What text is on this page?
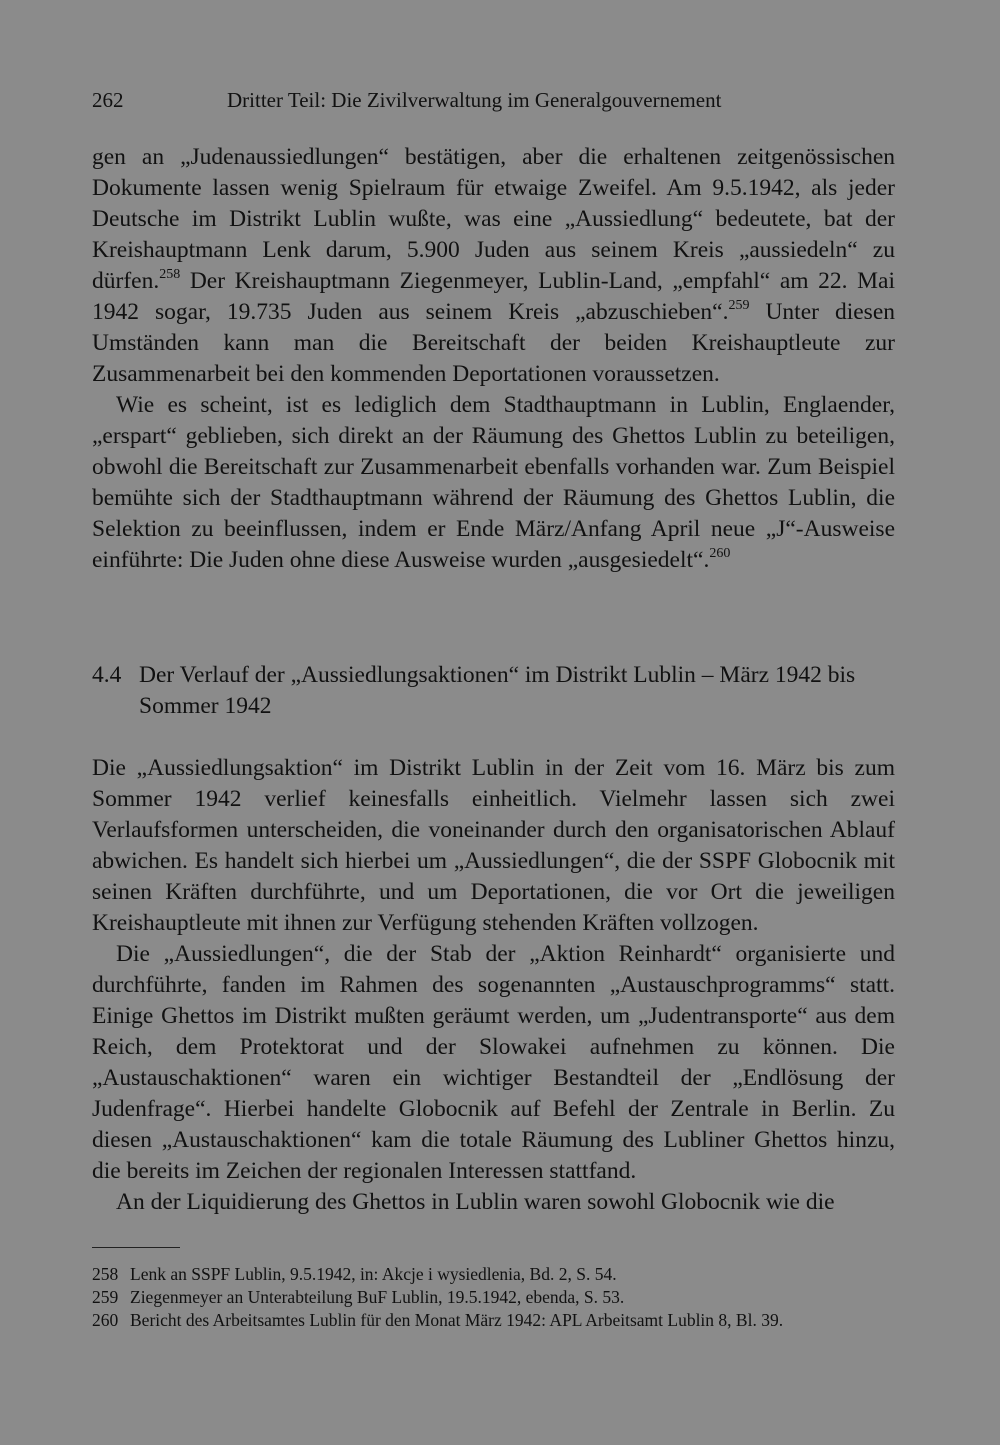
262	Dritter Teil: Die Zivilverwaltung im Generalgouvernement

gen an „Judenaussiedlungen“ bestätigen, aber die erhaltenen zeitgenössischen Dokumente lassen wenig Spielraum für etwaige Zweifel. Am 9.5.1942, als jeder Deutsche im Distrikt Lublin wußte, was eine „Aussiedlung“ bedeutete, bat der Kreishauptmann Lenk darum, 5.900 Juden aus seinem Kreis „aussiedeln“ zu dürfen.$^{258}$ Der Kreishauptmann Ziegenmeyer, Lublin-Land, „empfahl“ am 22. Mai 1942 sogar, 19.735 Juden aus seinem Kreis „abzuschieben“.$^{259}$ Unter diesen Umständen kann man die Bereitschaft der beiden Kreishauptleute zur Zusammenarbeit bei den kommenden Deportationen voraussetzen.

Wie es scheint, ist es lediglich dem Stadthauptmann in Lublin, Englaender, „erspart“ geblieben, sich direkt an der Räumung des Ghettos Lublin zu beteiligen, obwohl die Bereitschaft zur Zusammenarbeit ebenfalls vorhanden war. Zum Beispiel bemühte sich der Stadthauptmann während der Räumung des Ghettos Lublin, die Selektion zu beeinflussen, indem er Ende März/Anfang April neue „J“-Ausweise einführte: Die Juden ohne diese Ausweise wurden „ausgesiedelt“.$^{260}$

4.4 Der Verlauf der „Aussiedlungsaktionen“ im Distrikt Lublin – März 1942 bis Sommer 1942

Die „Aussiedlungsaktion“ im Distrikt Lublin in der Zeit vom 16. März bis zum Sommer 1942 verlief keinesfalls einheitlich. Vielmehr lassen sich zwei Verlaufsformen unterscheiden, die voneinander durch den organisatorischen Ablauf abwichen. Es handelt sich hierbei um „Aussiedlungen“, die der SSPF Globocnik mit seinen Kräften durchführte, und um Deportationen, die vor Ort die jeweiligen Kreishauptleute mit ihnen zur Verfügung stehenden Kräften vollzogen.

Die „Aussiedlungen“, die der Stab der „Aktion Reinhardt“ organisierte und durchführte, fanden im Rahmen des sogenannten „Austauschprogramms“ statt. Einige Ghettos im Distrikt mußten geräumt werden, um „Judentransporte“ aus dem Reich, dem Protektorat und der Slowakei aufnehmen zu können. Die „Austauschaktionen“ waren ein wichtiger Bestandteil der „Endlösung der Judenfrage“. Hierbei handelte Globocnik auf Befehl der Zentrale in Berlin. Zu diesen „Austauschaktionen“ kam die totale Räumung des Lubliner Ghettos hinzu, die bereits im Zeichen der regionalen Interessen stattfand.

An der Liquidierung des Ghettos in Lublin waren sowohl Globocnik wie die

258 Lenk an SSPF Lublin, 9.5.1942, in: Akcje i wysiedlenia, Bd. 2, S. 54.
259 Ziegenmeyer an Unterabteilung BuF Lublin, 19.5.1942, ebenda, S. 53.
260 Bericht des Arbeitsamtes Lublin für den Monat März 1942: APL Arbeitsamt Lublin 8, Bl. 39.
